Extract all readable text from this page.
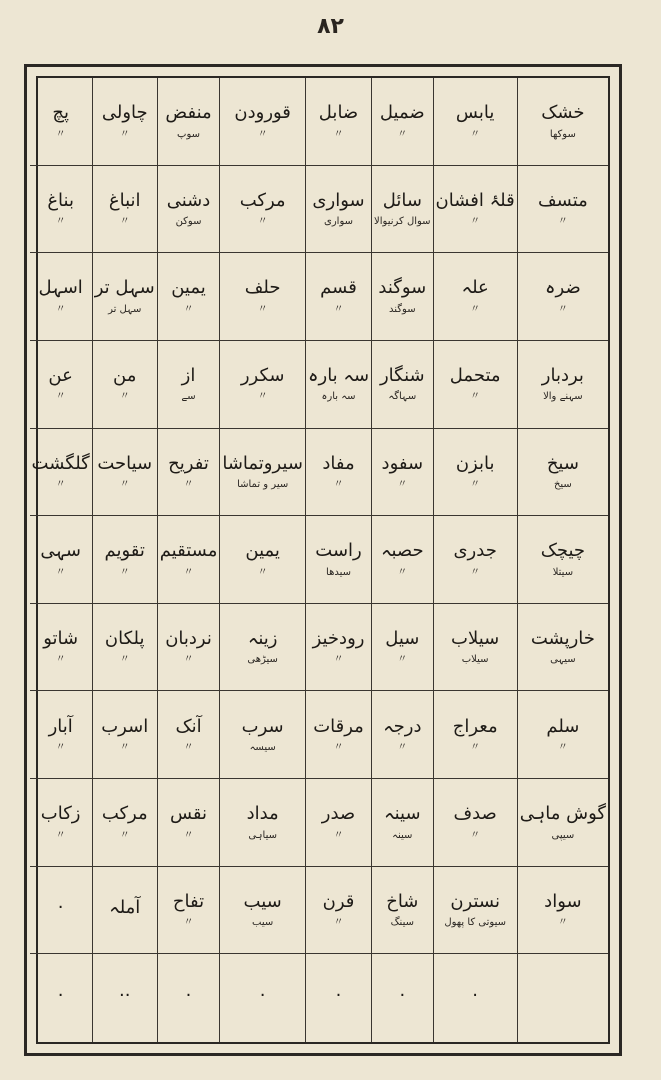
۸۲
خشک
سوکھا
یابس
〃
ضمیل
〃
ضابل
〃
قورودن
〃
منفض
سوپ
چاولی
〃
پچ
〃
متسف
〃
قلۂ افشان
〃
سائل
سوال کرنیوالا
سواری
سواری
مرکب
〃
دشنی
سوکن
انباغ
〃
بناغ
〃
ضرہ
〃
علہ
〃
سوگند
سوگند
قسم
〃
حلف
〃
یمین
〃
سہل تر
سہل تر
اسہل
〃
بردبار
سہنے والا
متحمل
〃
شنگار
سہاگہ
سہ بارہ
سہ بارہ
سکرر
〃
از
سے
من
〃
عن
〃
سیخ
سیخ
بابزن
〃
سفود
〃
مفاد
〃
سیروتماشا
سیر و تماشا
تفریح
〃
سیاحت
〃
گلگشت
〃
چیچک
سیتلا
جدری
〃
حصبہ
〃
راست
سیدھا
یمین
〃
مستقیم
〃
تقویم
〃
سہی
〃
خارپشت
سیہی
سیلاب
سیلاب
سیل
〃
رودخیز
〃
زینہ
سیڑھی
نردبان
〃
پلکان
〃
شاتو
〃
سلم
〃
معراج
〃
درجہ
〃
مرقات
〃
سرب
سیسہ
آنک
〃
اسرب
〃
آبار
〃
گوش ماہی
سیپی
صدف
〃
سینہ
سینہ
صدر
〃
مداد
سیاہی
نقس
〃
مرکب
〃
زکاب
〃
سواد
〃
نسترن
سیوتی کا پھول
شاخ
سینگ
قرن
〃
سیب
سیب
تفاح
〃
آملہ
·
·
·
·
·
·
··
·
